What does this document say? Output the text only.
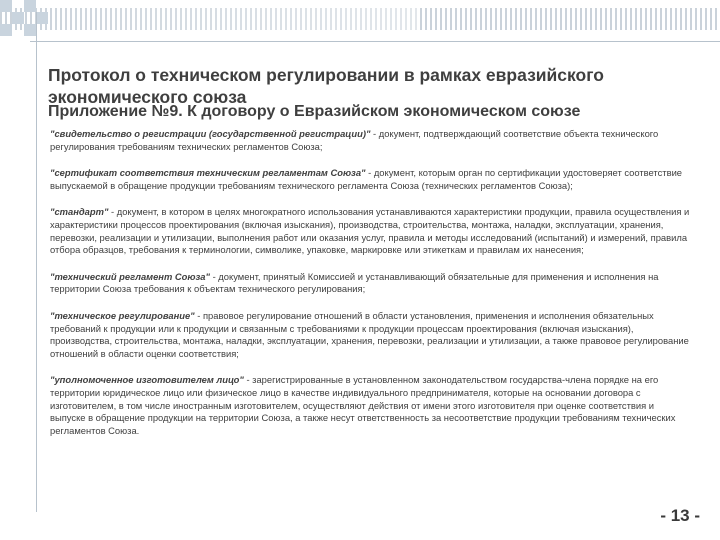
Протокол о техническом регулировании в рамках евразийского экономического союза
Приложение №9. К договору о Евразийском экономическом союзе

"свидетельство о регистрации (государственной регистрации)" - документ, подтверждающий соответствие объекта технического регулирования требованиям технических регламентов Союза;

"сертификат соответствия техническим регламентам Союза" - документ, которым орган по сертификации удостоверяет соответствие выпускаемой в обращение продукции требованиям технического регламента Союза (технических регламентов Союза);

"стандарт" - документ, в котором в целях многократного использования устанавливаются характеристики продукции, правила осуществления и характеристики процессов проектирования (включая изыскания), производства, строительства, монтажа, наладки, эксплуатации, хранения, перевозки, реализации и утилизации, выполнения работ или оказания услуг, правила и методы исследований (испытаний) и измерений, правила отбора образцов, требования к терминологии, символике, упаковке, маркировке или этикеткам и правилам их нанесения;

"технический регламент Союза" - документ, принятый Комиссией и устанавливающий обязательные для применения и исполнения на территории Союза требования к объектам технического регулирования;

"техническое регулирование" - правовое регулирование отношений в области установления, применения и исполнения обязательных требований к продукции или к продукции и связанным с требованиями к продукции процессам проектирования (включая изыскания), производства, строительства, монтажа, наладки, эксплуатации, хранения, перевозки, реализации и утилизации, а также правовое регулирование отношений в области оценки соответствия;

"уполномоченное изготовителем лицо" - зарегистрированные в установленном законодательством государства-члена порядке на его территории юридическое лицо или физическое лицо в качестве индивидуального предпринимателя, которые на основании договора с изготовителем, в том числе иностранным изготовителем, осуществляют действия от имени этого изготовителя при оценке соответствия и выпуске в обращение продукции на территории Союза, а также несут ответственность за несоответствие продукции требованиям технических регламентов Союза.

- 13 -
